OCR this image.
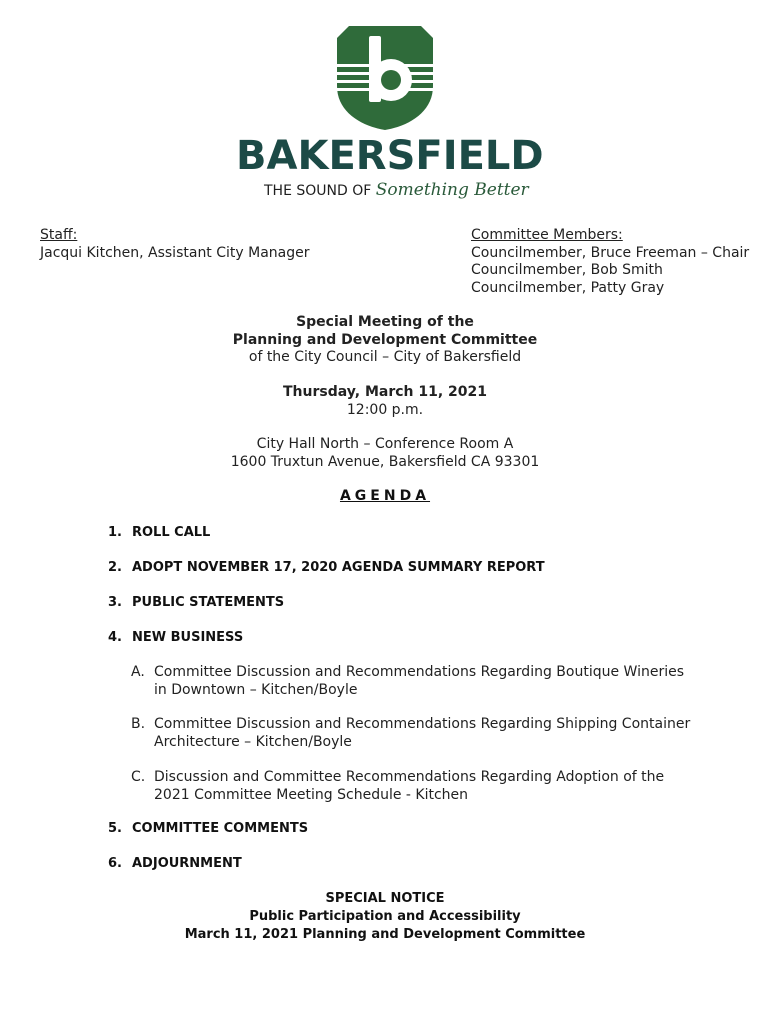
b
BAKERSFIELD
THE SOUND OF Something Better
Staff:
Jacqui Kitchen, Assistant City Manager
Committee Members:
Councilmember, Bruce Freeman – Chair
Councilmember, Bob Smith
Councilmember, Patty Gray
Special Meeting of the
Planning and Development Committee
of the City Council – City of Bakersfield
Thursday, March 11, 2021
12:00 p.m.
City Hall North – Conference Room A
1600 Truxtun Avenue, Bakersfield CA 93301
AGENDA
1. ROLL CALL
2. ADOPT NOVEMBER 17, 2020 AGENDA SUMMARY REPORT
3. PUBLIC STATEMENTS
4. NEW BUSINESS
A. Committee Discussion and Recommendations Regarding Boutique Wineries in Downtown – Kitchen/Boyle
B. Committee Discussion and Recommendations Regarding Shipping Container Architecture – Kitchen/Boyle
C. Discussion and Committee Recommendations Regarding Adoption of the 2021 Committee Meeting Schedule - Kitchen
5. COMMITTEE COMMENTS
6. ADJOURNMENT
SPECIAL NOTICE
Public Participation and Accessibility
March 11, 2021 Planning and Development Committee
